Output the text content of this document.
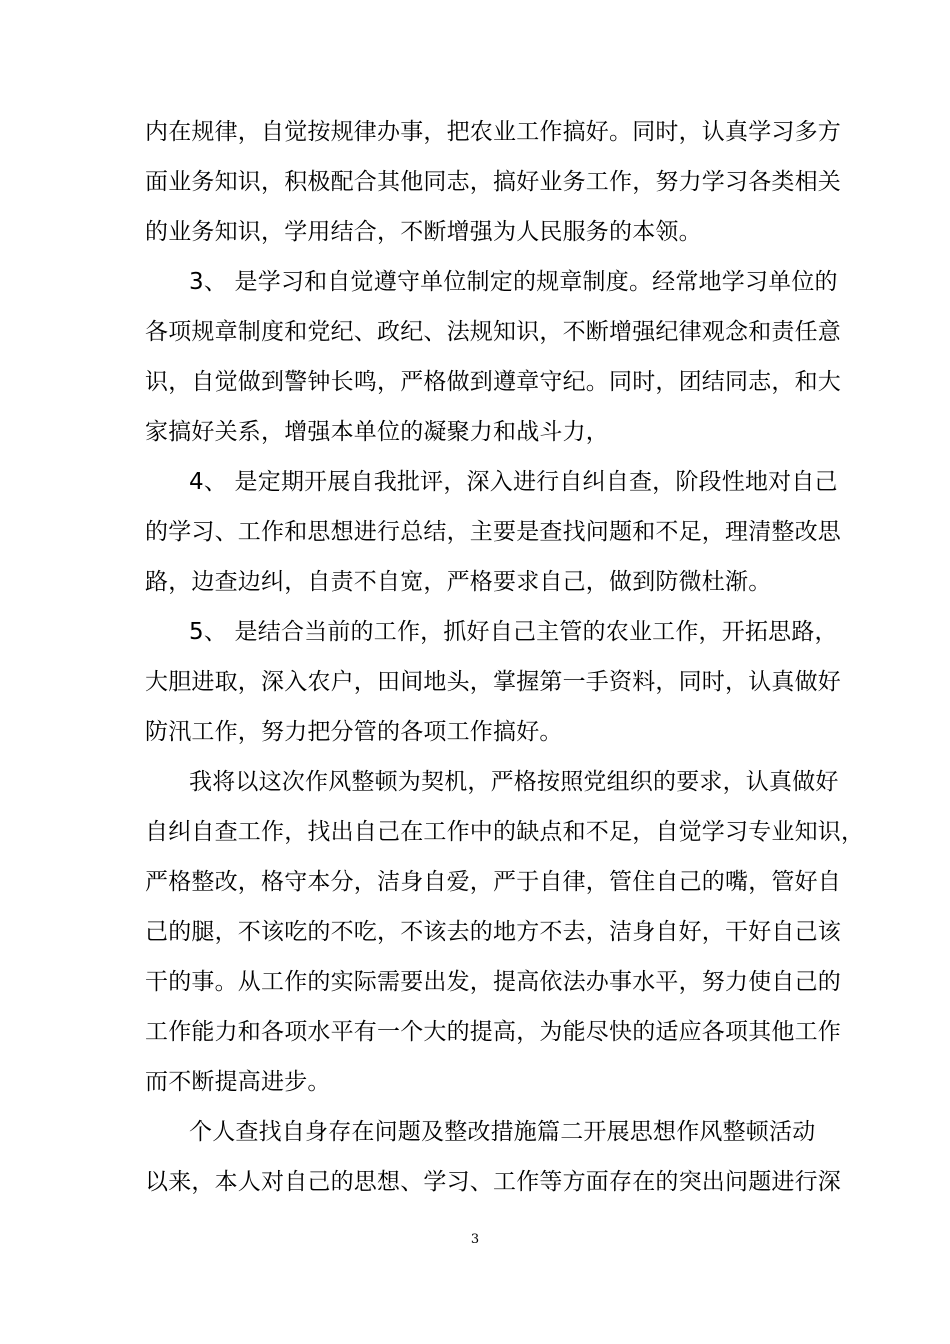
内在规律，自觉按规律办事，把农业工作搞好。同时，认真学习多方
面业务知识，积极配合其他同志，搞好业务工作，努力学习各类相关
的业务知识，学用结合，不断增强为人民服务的本领。
3、 是学习和自觉遵守单位制定的规章制度。经常地学习单位的
各项规章制度和党纪、政纪、法规知识，不断增强纪律观念和责任意
识，自觉做到警钟长鸣，严格做到遵章守纪。同时，团结同志，和大
家搞好关系，增强本单位的凝聚力和战斗力，
4、 是定期开展自我批评，深入进行自纠自查，阶段性地对自己
的学习、工作和思想进行总结，主要是查找问题和不足，理清整改思
路，边查边纠，自责不自宽，严格要求自己，做到防微杜渐。
5、 是结合当前的工作，抓好自己主管的农业工作，开拓思路，
大胆进取，深入农户，田间地头，掌握第一手资料，同时，认真做好
防汛工作，努力把分管的各项工作搞好。
我将以这次作风整顿为契机，严格按照党组织的要求，认真做好
自纠自查工作，找出自己在工作中的缺点和不足，自觉学习专业知识，
严格整改，格守本分，洁身自爱，严于自律，管住自己的嘴，管好自
己的腿，不该吃的不吃，不该去的地方不去，洁身自好，干好自己该
干的事。从工作的实际需要出发，提高依法办事水平，努力使自己的
工作能力和各项水平有一个大的提高，为能尽快的适应各项其他工作
而不断提高进步。
个人查找自身存在问题及整改措施篇二开展思想作风整顿活动
以来，本人对自己的思想、学习、工作等方面存在的突出问题进行深
3
